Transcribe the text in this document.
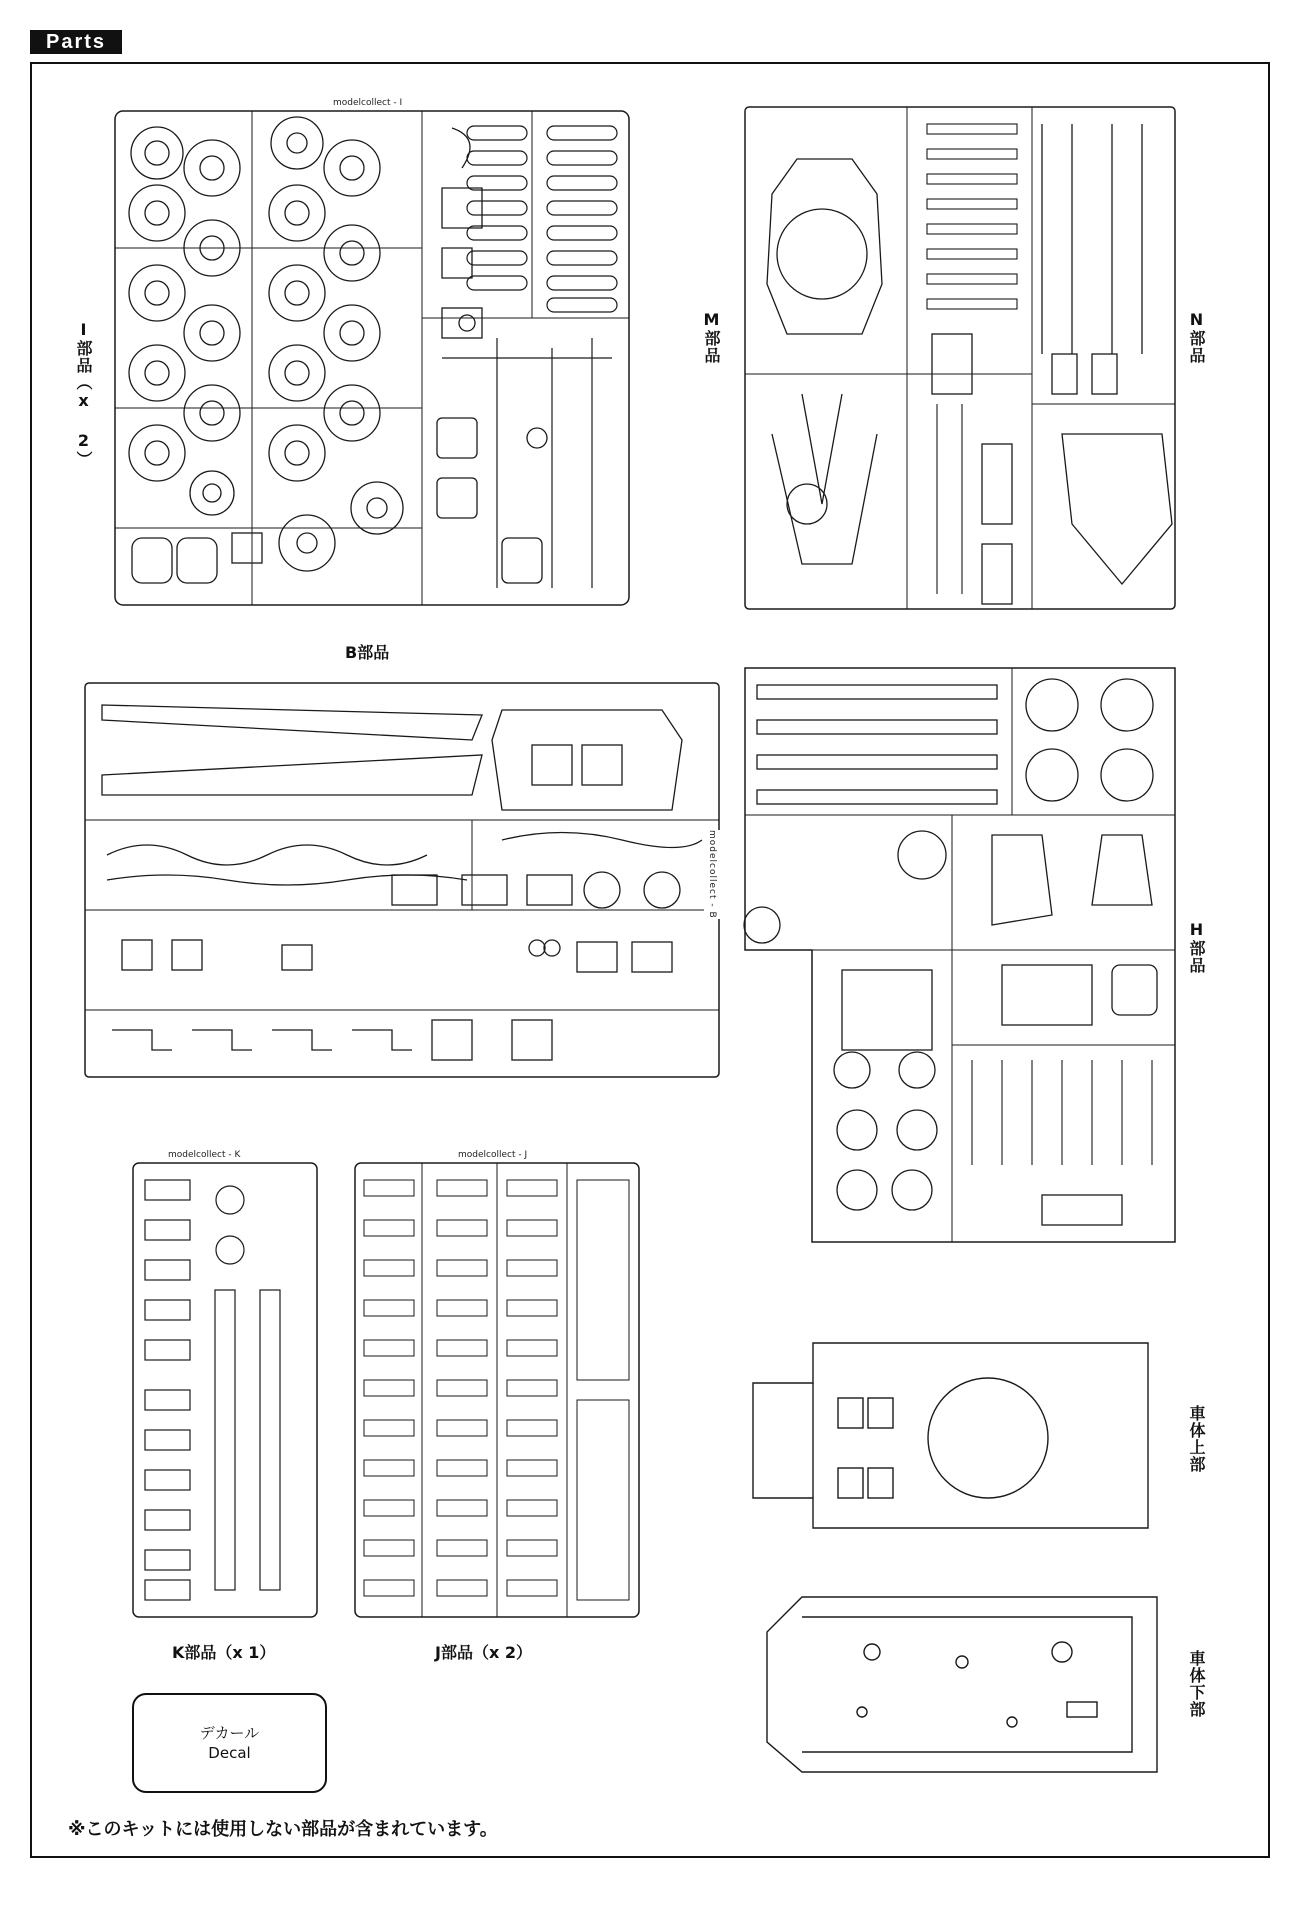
Parts
modelcollect - I
I部品（x 2）	M部品	N部品
B部品
modelcollect - B
H部品
modelcollect - K
K部品（x 1）
modelcollect - J
J部品（x 2）
車体上部
車体下部
デカール
Decal
※このキットには使用しない部品が含まれています。
